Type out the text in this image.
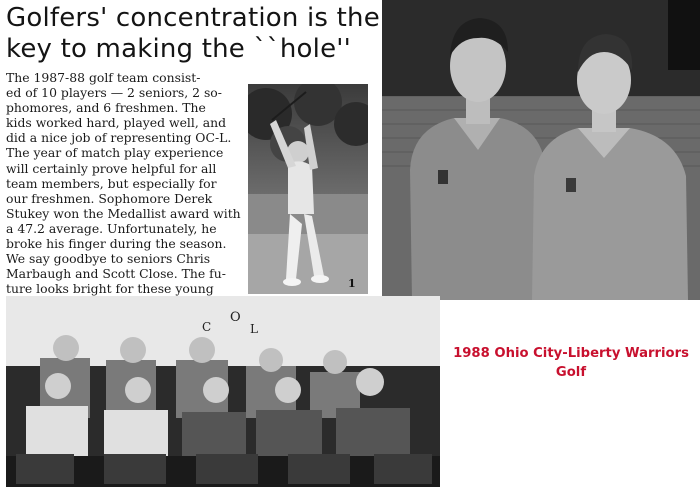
Golfers' concentration is the
key to making the ``hole''
The 1987-88 golf team consist-
ed of 10 players — 2 seniors, 2 so-
phomores, and 6 freshmen. The
kids worked hard, played well, and
did a nice job of representing OC-L.
The year of match play experience
will certainly prove helpful for all
team members, but especially for
our freshmen. Sophomore Derek
Stukey won the Medallist award with
a 47.2 average. Unfortunately, he
broke his finger during the season.
We say goodbye to seniors Chris
Marbaugh and Scott Close. The fu-
ture looks bright for these young	1
O
C	L
1988 Ohio City-Liberty Warriors
Golf
